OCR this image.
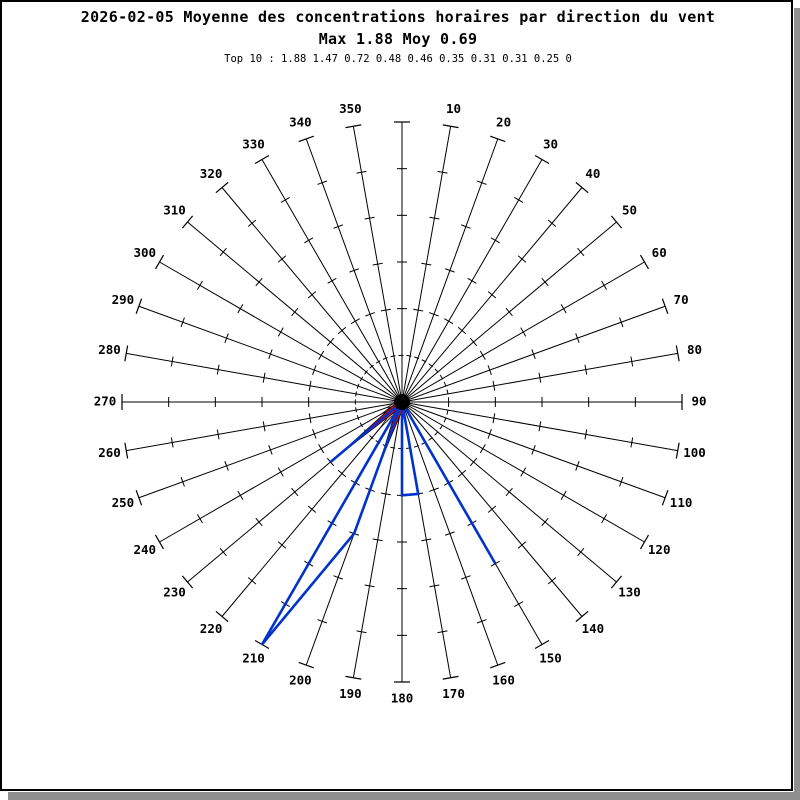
2026-02-05 Moyenne des concentrations horaires par direction du vent
Max 1.88 Moy 0.69
Top 10 : 1.88 1.47 0.72 0.48 0.46 0.35 0.31 0.31 0.25 0
10
20
30
40
50
60
70
80
90
100
110
120
130
140
150
160
170
180
190
200
210
220
230
240
250
260
270
280
290
300
310
320
330
340
350
